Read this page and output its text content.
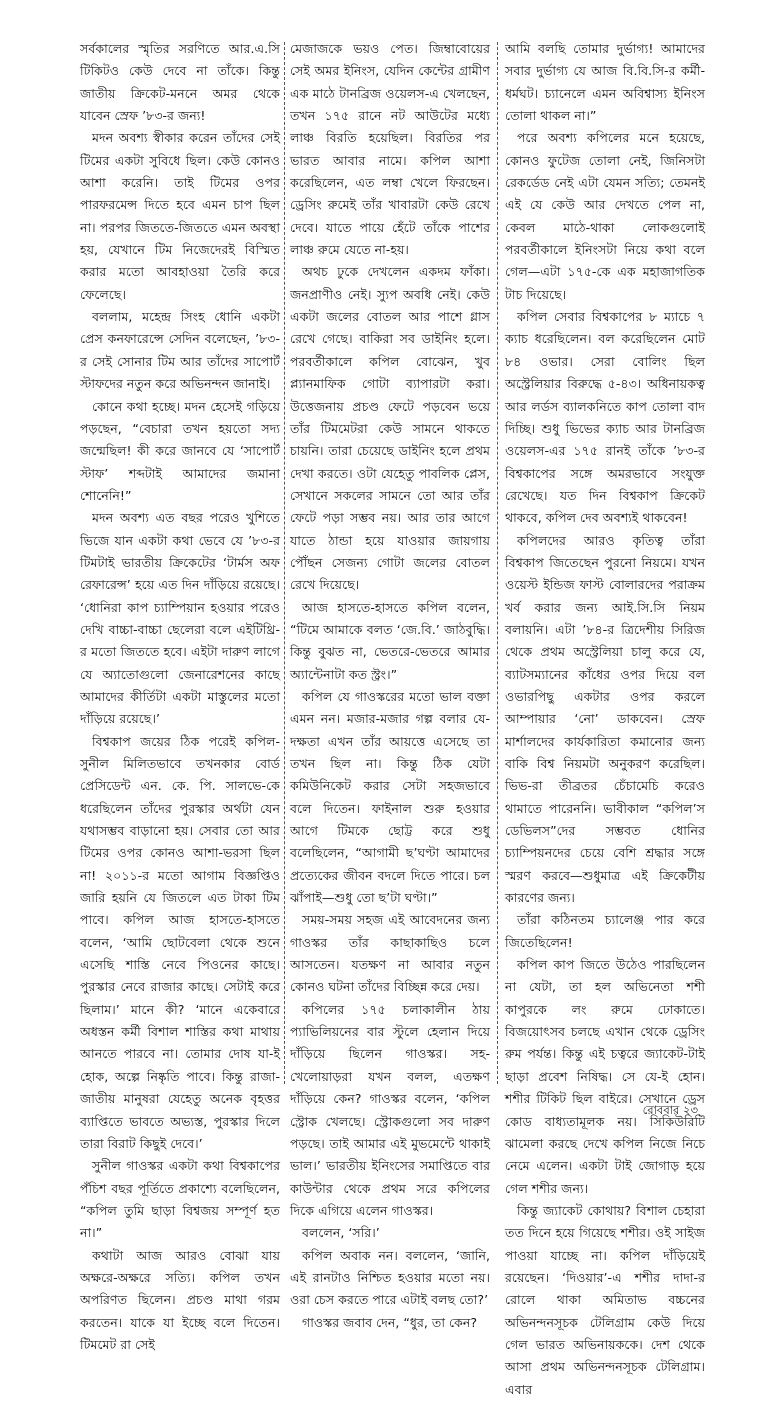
সর্বকালের স্মৃতির সরণিতে আর.এ.সি টিকিটও কেউ দেবে না তাঁকে। কিন্তু জাতীয় ক্রিকেট-মননে অমর থেকে যাবেন স্রেফ ’৮৩-র জন্য!

মদন অবশ্য স্বীকার করেন তাঁদের সেই টিমের একটা সুবিধে ছিল। কেউ কোনও আশা করেনি। তাই টিমের ওপর পারফরমেন্স দিতে হবে এমন চাপ ছিল না। পরপর জিততে-জিততে এমন অবস্থা হয়, যেখানে টিম নিজেদেরই বিস্মিত করার মতো আবহাওয়া তৈরি করে ফেলেছে।

বললাম, মহেন্দ্র সিংহ ধোনি একটা প্রেস কনফারেন্সে সেদিন বলেছেন, ’৮৩-র সেই সোনার টিম আর তাঁদের সাপোর্ট স্টাফদের নতুন করে অভিনন্দন জানাই।

কোনে কথা হচ্ছে। মদন হেসেই গড়িয়ে পড়ছেন, “বেচারা তখন হয়তো সদ্য জন্মেছিল! কী করে জানবে যে ‘সাপোর্ট স্টাফ’ শব্দটাই আমাদের জমানা শোনেনি!”

মদন অবশ্য এত বছর পরেও খুশিতে ভিজে যান একটা কথা ভেবে যে ’৮৩-র টিমটাই ভারতীয় ক্রিকেটের ‘টার্মস অফ রেফারেন্স’ হয়ে এত দিন দাঁড়িয়ে রয়েছে। ‘ধোনিরা কাপ চ্যাম্পিয়ান হওয়ার পরেও দেখি বাচ্চা-বাচ্চা ছেলেরা বলে এইটিথ্রি-র মতো জিততে হবে। এইটা দারুণ লাগে যে অ্যাতোগুলো জেনারেশনের কাছে আমাদের কীর্তিটা একটা মাস্তুলের মতো দাঁড়িয়ে রয়েছে।’

বিশ্বকাপ জয়ের ঠিক পরেই কপিল-সুনীল মিলিতভাবে তখনকার বোর্ড প্রেসিডেন্ট এন. কে. পি. সালভে-কে ধরেছিলেন তাঁদের পুরস্কার অর্থটা যেন যথাসম্ভব বাড়ানো হয়। সেবার তো আর টিমের ওপর কোনও আশা-ভরসা ছিল না! ২০১১-র মতো আগাম বিজ্ঞপ্তিও জারি হয়নি যে জিতলে এত টাকা টিম পাবে। কপিল আজ হাসতে-হাসতে বলেন, ‘আমি ছোটবেলা থেকে শুনে এসেছি শাস্তি নেবে পিওনের কাছে। পুরস্কার নেবে রাজার কাছে। সেটাই করে ছিলাম।’ মানে কী? ‘মানে একেবারে অধস্তন কর্মী বিশাল শাস্তির কথা মাথায় আনতে পারবে না। তোমার দোষ যা-ই হোক, অল্পে নিষ্কৃতি পাবে। কিন্তু রাজা-জাতীয় মানুষরা যেহেতু অনেক বৃহত্তর ব্যাপ্তিতে ভাবতে অভ্যস্ত, পুরস্কার দিলে তারা বিরাট কিছুই দেবে।’

সুনীল গাওস্কর একটা কথা বিশ্বকাপের পঁচিশ বছর পূর্তিতে প্রকাশ্যে বলেছিলেন, “কপিল তুমি ছাড়া বিশ্বজয় সম্পূর্ণ হত না।”

কথাটা আজ আরও বোঝা যায় অক্ষরে-অক্ষরে সত্যি। কপিল তখন অপরিণত ছিলেন। প্রচণ্ড মাথা গরম করতেন। যাকে যা ইচ্ছে বলে দিতেন। টিমমেট রা সেই

মেজাজকে ভয়ও পেত। জিম্বাবোয়ের সেই অমর ইনিংস, যেদিন কেন্টের গ্রামীণ এক মাঠে টানব্রিজ ওয়েলস-এ খেলছেন, তখন ১৭৫ রানে নট আউটের মধ্যে লাঞ্চ বিরতি হয়েছিল। বিরতির পর ভারত আবার নামে। কপিল আশা করেছিলেন, এত লম্বা খেলে ফিরছেন। ড্রেসিং রুমেই তাঁর খাবারটা কেউ রেখে দেবে। যাতে পায়ে হেঁটে তাঁকে পাশের লাঞ্চ রুমে যেতে না-হয়।

অথচ ঢুকে দেখলেন একদম ফাঁকা। জনপ্রাণীও নেই। স্যুপ অবধি নেই। কেউ একটা জলের বোতল আর পাশে গ্লাস রেখে গেছে। বাকিরা সব ডাইনিং হলে। পরবর্তীকালে কপিল বোঝেন, খুব প্ল্যানমাফিক গোটা ব্যাপারটা করা। উত্তেজনায় প্রচণ্ড ফেটে পড়বেন ভয়ে তাঁর টিমমেটরা কেউ সামনে থাকতে চায়নি। তারা চেয়েছে ডাইনিং হলে প্রথম দেখা করতে। ওটা যেহেতু পাবলিক প্লেস, সেখানে সকলের সামনে তো আর তাঁর ফেটে পড়া সম্ভব নয়। আর তার আগে যাতে ঠান্ডা হয়ে যাওয়ার জায়গায় পৌঁছন সেজন্য গোটা জলের বোতল রেখে দিয়েছে।

আজ হাসতে-হাসতে কপিল বলেন, “টিমে আমাকে বলত ‘জে.বি.’ জাঠবুদ্ধি। কিন্তু বুঝত না, ভেতরে-ভেতরে আমার অ্যান্টেনাটা কত স্ট্রং।”

কপিল যে গাওস্করের মতো ভাল বক্তা এমন নন। মজার-মজার গল্প বলার যে-দক্ষতা এখন তাঁর আয়ত্তে এসেছে তা তখন ছিল না। কিন্তু ঠিক যেটা কমিউনিকেট করার সেটা সহজভাবে বলে দিতেন। ফাইনাল শুরু হওয়ার আগে টিমকে ছোট্ট করে শুধু বলেছিলেন, “আগামী ছ’ঘণ্টা আমাদের প্রত্যেকের জীবন বদলে দিতে পারে। চল ঝাঁপাই—শুধু তো ছ’টা ঘণ্টা।”

সময়-সময় সহজ এই আবেদনের জন্য গাওস্কর তাঁর কাছাকাছিও চলে আসতেন। যতক্ষণ না আবার নতুন কোনও ঘটনা তাঁদের বিচ্ছিন্ন করে দেয়।

কপিলের ১৭৫ চলাকালীন ঠায় প্যাভিলিয়নের বার স্টুলে হেলান দিয়ে দাঁড়িয়ে ছিলেন গাওস্কর। সহ-খেলোয়াড়রা যখন বলল, এতক্ষণ দাঁড়িয়ে কেন? গাওস্কর বলেন, ‘কপিল স্ট্রোক খেলছে। স্ট্রোকগুলো সব দারুণ পড়ছে। তাই আমার এই মুভমেন্টে থাকাই ভাল।’ ভারতীয় ইনিংসের সমাপ্তিতে বার কাউন্টার থেকে প্রথম সরে কপিলের দিকে এগিয়ে এলেন গাওস্কর।

বললেন, ‘সরি।’

কপিল অবাক নন। বললেন, ‘জানি, এই রানটাও নিশ্চিত হওয়ার মতো নয়। ওরা চেস করতে পারে এটাই বলছ তো?’

গাওস্কর জবাব দেন, “ধুর, তা কেন?

আমি বলছি তোমার দুর্ভাগ্য! আমাদের সবার দুর্ভাগ্য যে আজ বি.বি.সি-র কর্মী-ধর্মঘট। চ্যানেলে এমন অবিশ্বাস্য ইনিংস তোলা থাকল না।”

পরে অবশ্য কপিলের মনে হয়েছে, কোনও ফুটেজ তোলা নেই, জিনিসটা রেকর্ডেড নেই এটা যেমন সত্যি; তেমনই এই যে কেউ আর দেখতে পেল না, কেবল মাঠে-থাকা লোকগুলোই পরবর্তীকালে ইনিংসটা নিয়ে কথা বলে গেল—এটা ১৭৫-কে এক মহাজাগতিক টাচ দিয়েছে।

কপিল সেবার বিশ্বকাপের ৮ ম্যাচে ৭ ক্যাচ ধরেছিলেন। বল করেছিলেন মোট ৮৪ ওভার। সেরা বোলিং ছিল অস্ট্রেলিয়ার বিরুদ্ধে ৫-৪৩। অধিনায়কত্ব আর লর্ডস ব্যালকনিতে কাপ তোলা বাদ দিচ্ছি। শুধু ভিভের ক্যাচ আর টানব্রিজ ওয়েলস-এর ১৭৫ রানই তাঁকে ’৮৩-র বিশ্বকাপের সঙ্গে অমরভাবে সংযুক্ত রেখেছে। যত দিন বিশ্বকাপ ক্রিকেট থাকবে, কপিল দেব অবশ্যই থাকবেন!

কপিলদের আরও কৃতিত্ব তাঁরা বিশ্বকাপ জিতেছেন পুরনো নিয়মে। যখন ওয়েস্ট ইন্ডিজ ফাস্ট বোলারদের পরাক্রম খর্ব করার জন্য আই.সি.সি নিয়ম বলায়নি। এটা ’৮৪-র ত্রিদেশীয় সিরিজ থেকে প্রথম অস্ট্রেলিয়া চালু করে যে, ব্যাটসম্যানের কাঁধের ওপর দিয়ে বল ওভারপিছু একটার ওপর করলে আম্পায়ার ‘নো’ ডাকবেন। স্রেফ মার্শালদের কার্যকারিতা কমানোর জন্য বাকি বিশ্ব নিয়মটা অনুকরণ করেছিল। ভিভ-রা তীব্রতর চেঁচামেচি করেও থামাতে পারেননি। ভাবীকাল “কপিল’স ডেভিলস”দের সম্ভবত ধোনির চ্যাম্পিয়নদের চেয়ে বেশি শ্রদ্ধার সঙ্গে স্মরণ করবে—শুধুমাত্র এই ক্রিকেটীয় কারণের জন্য।

তাঁরা কঠিনতম চ্যালেঞ্জ পার করে জিতেছিলেন!

কপিল কাপ জিতে উঠেও পারছিলেন না যেটা, তা হল অভিনেতা শশী কাপুরকে লং রুমে ঢোকাতে। বিজয়োৎসব চলছে এখান থেকে ড্রেসিং রুম পর্যন্ত। কিন্তু এই চত্বরে জ্যাকেট-টাই ছাড়া প্রবেশ নিষিদ্ধ। সে যে-ই হোন। শশীর টিকিট ছিল বাইরে। সেখানে ড্রেস কোড বাধ্যতামূলক নয়। সিকিউরিটি ঝামেলা করছে দেখে কপিল নিজে নিচে নেমে এলেন। একটা টাই জোগাড় হয়ে গেল শশীর জন্য।

কিন্তু জ্যাকেট কোথায়? বিশাল চেহারা তত দিনে হয়ে গিয়েছে শশীর। ওই সাইজ পাওয়া যাচ্ছে না। কপিল দাঁড়িয়েই রয়েছেন। ‘দিওয়ার’-এ শশীর দাদা-র রোলে থাকা অমিতাভ বচ্চনের অভিনন্দনসূচক টেলিগ্রাম কেউ দিয়ে গেল ভারত অভিনায়ককে। দেশ থেকে আসা প্রথম অভিনন্দনসূচক টেলিগ্রাম। এবার

রোববার ২৩
